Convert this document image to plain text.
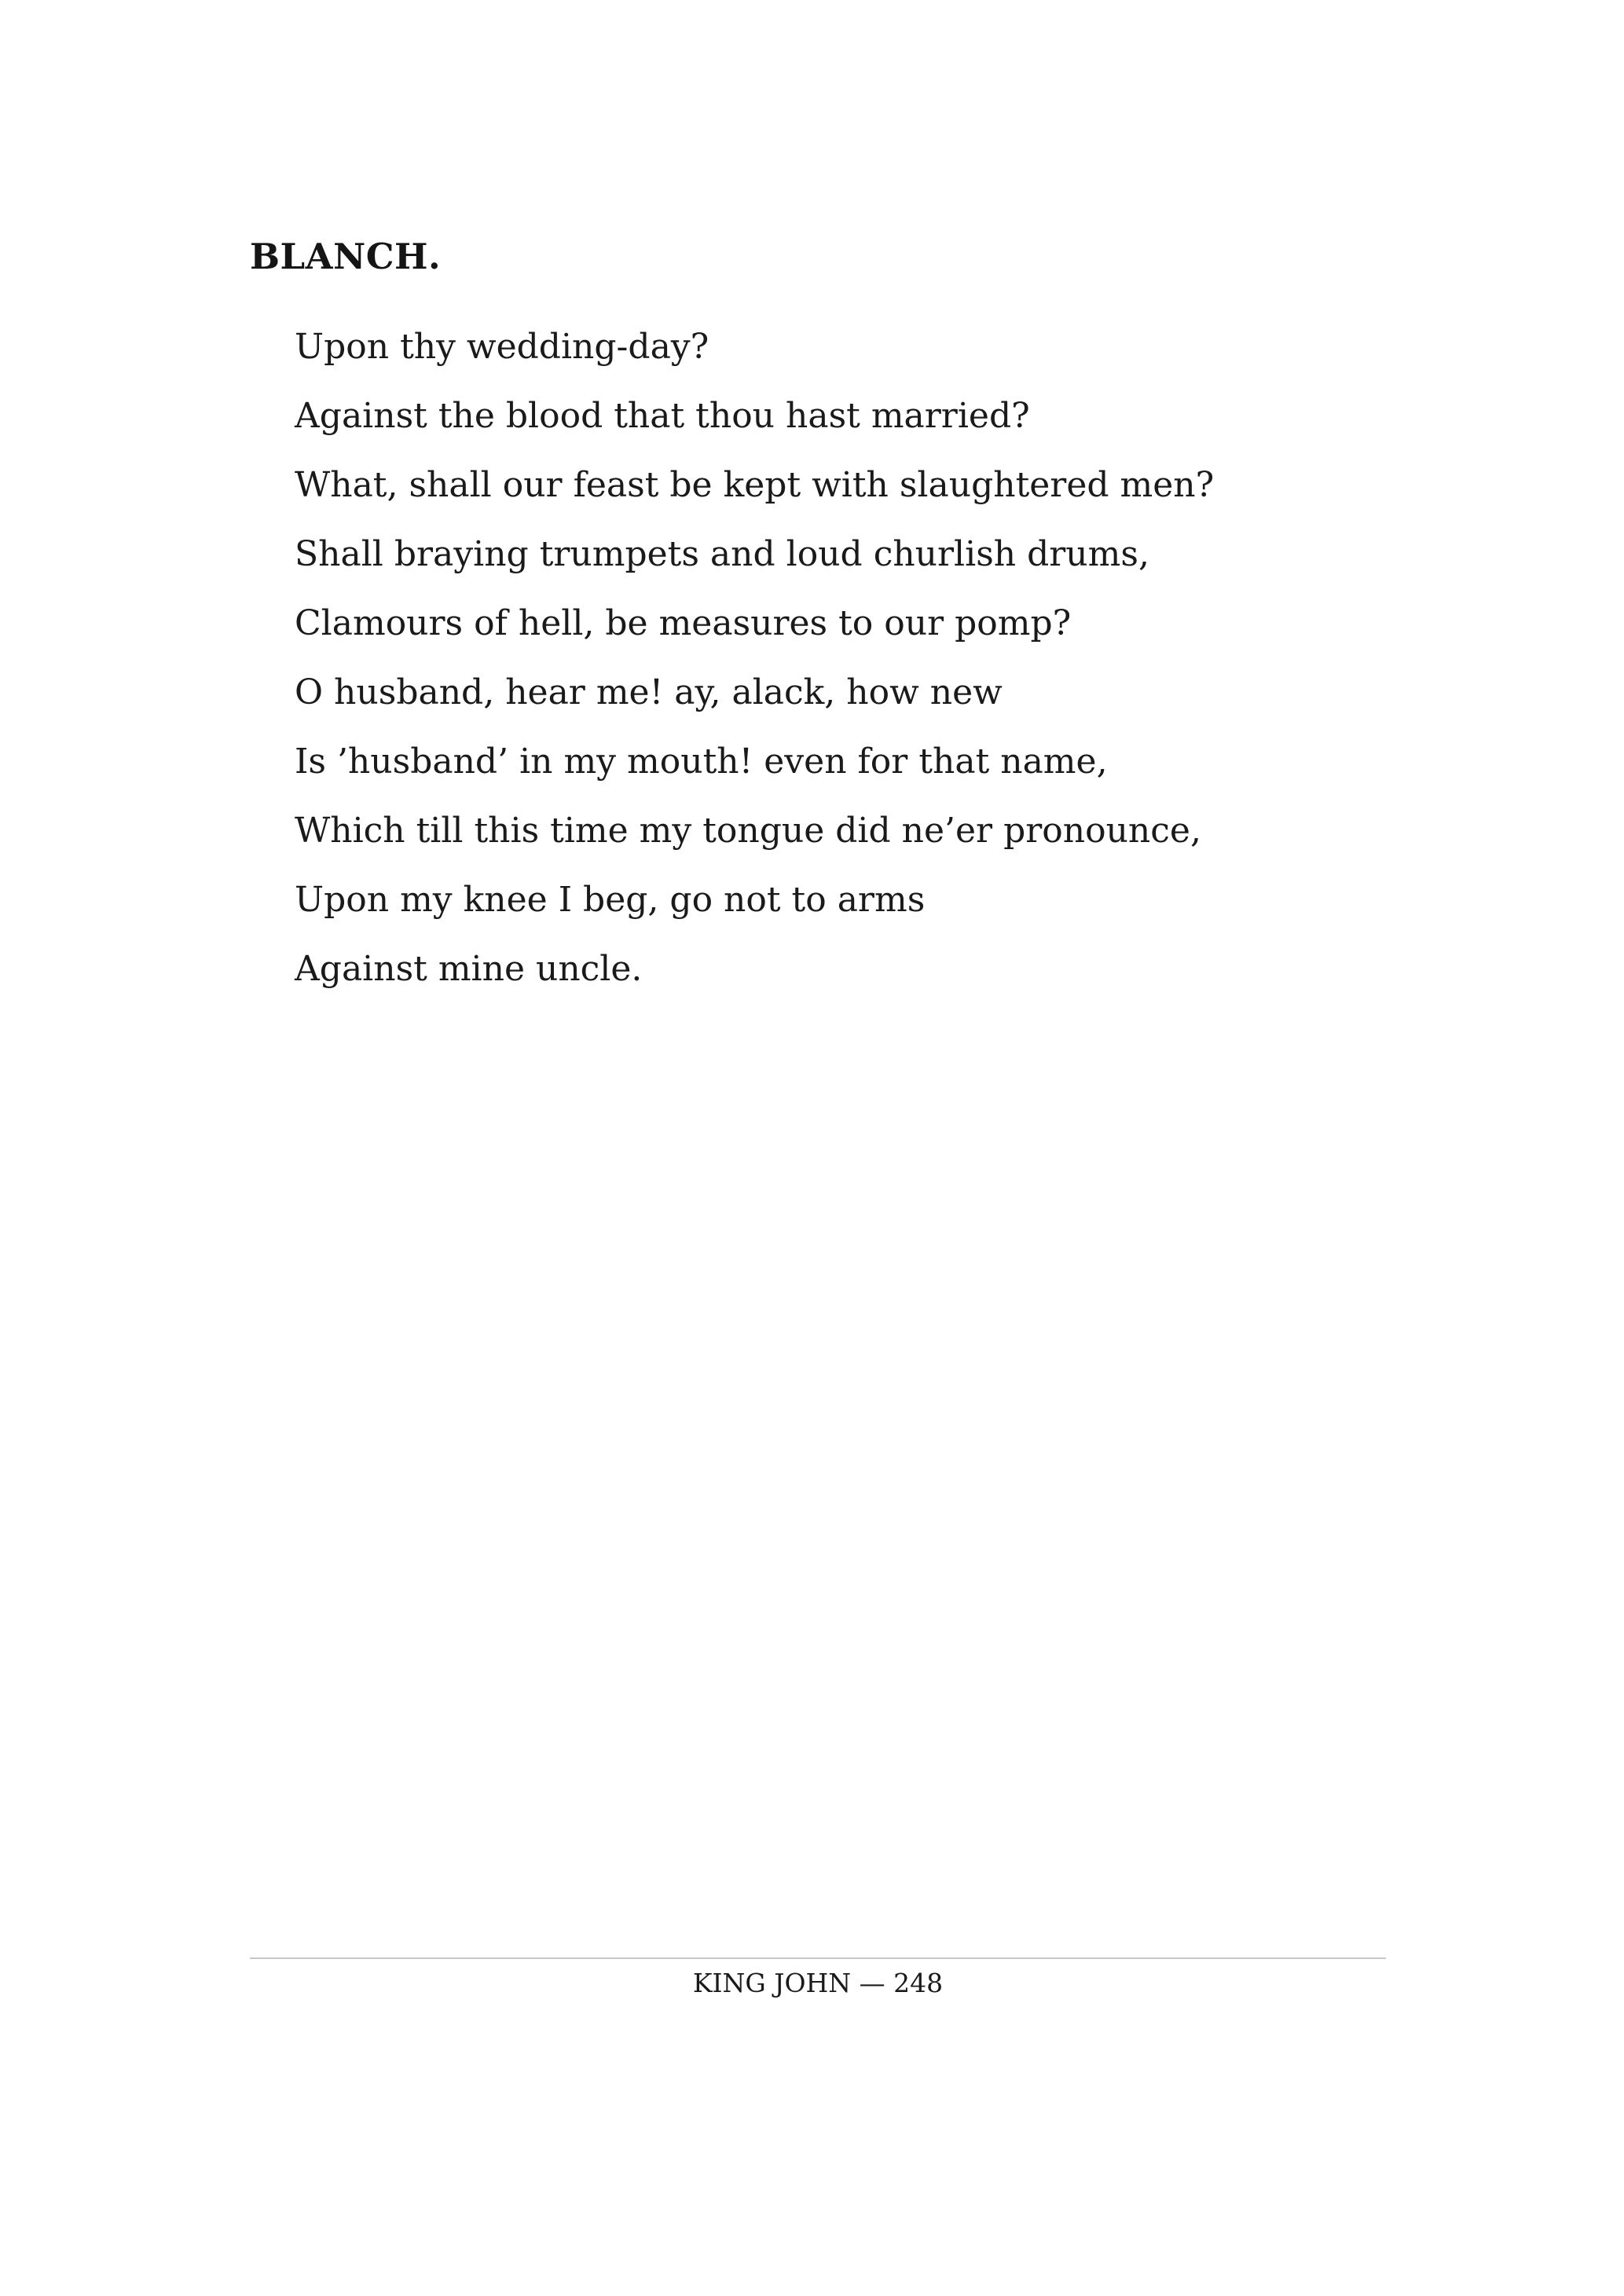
BLANCH.
Upon thy wedding-day?
Against the blood that thou hast married?
What, shall our feast be kept with slaughtered men?
Shall braying trumpets and loud churlish drums,
Clamours of hell, be measures to our pomp?
O husband, hear me! ay, alack, how new
Is ’husband’ in my mouth! even for that name,
Which till this time my tongue did ne’er pronounce,
Upon my knee I beg, go not to arms
Against mine uncle.
KING JOHN — 248
